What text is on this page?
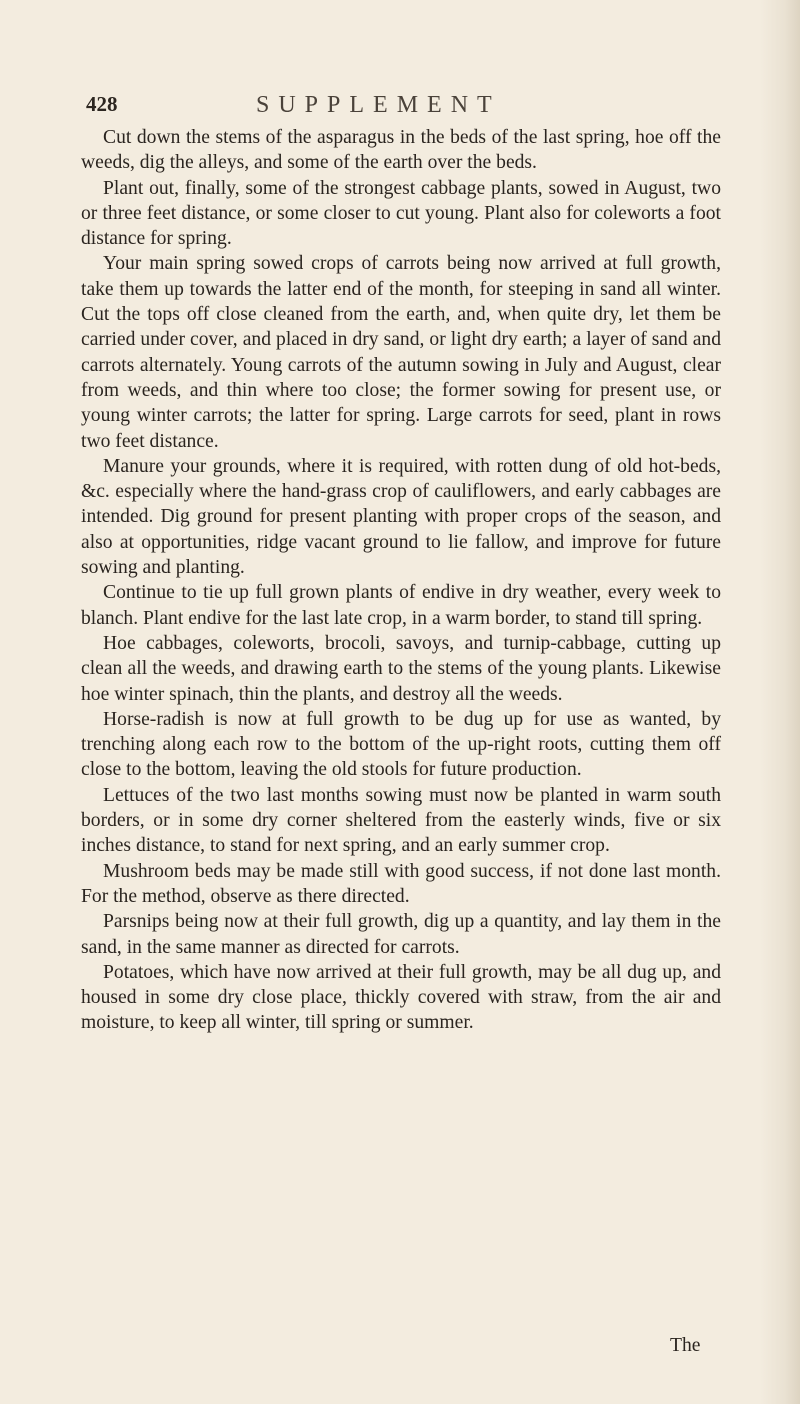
428	SUPPLEMENT

Cut down the stems of the asparagus in the beds of the last spring, hoe off the weeds, dig the alleys, and some of the earth over the beds.

Plant out, finally, some of the strongest cabbage plants, sowed in August, two or three feet distance, or some closer to cut young. Plant also for coleworts a foot distance for spring.

Your main spring sowed crops of carrots being now arrived at full growth, take them up towards the latter end of the month, for steeping in sand all winter. Cut the tops off close cleaned from the earth, and, when quite dry, let them be carried under cover, and placed in dry sand, or light dry earth; a layer of sand and carrots alternately. Young carrots of the autumn sowing in July and August, clear from weeds, and thin where too close; the former sowing for present use, or young winter carrots; the latter for spring. Large carrots for seed, plant in rows two feet distance.

Manure your grounds, where it is required, with rotten dung of old hot-beds, &c. especially where the hand-grass crop of cauliflowers, and early cabbages are intended. Dig ground for present planting with proper crops of the season, and also at opportunities, ridge vacant ground to lie fallow, and improve for future sowing and planting.

Continue to tie up full grown plants of endive in dry weather, every week to blanch. Plant endive for the last late crop, in a warm border, to stand till spring.

Hoe cabbages, coleworts, brocoli, savoys, and turnip-cabbage, cutting up clean all the weeds, and drawing earth to the stems of the young plants. Likewise hoe winter spinach, thin the plants, and destroy all the weeds.

Horse-radish is now at full growth to be dug up for use as wanted, by trenching along each row to the bottom of the up-right roots, cutting them off close to the bottom, leaving the old stools for future production.

Lettuces of the two last months sowing must now be planted in warm south borders, or in some dry corner sheltered from the easterly winds, five or six inches distance, to stand for next spring, and an early summer crop.

Mushroom beds may be made still with good success, if not done last month. For the method, observe as there directed.

Parsnips being now at their full growth, dig up a quantity, and lay them in the sand, in the same manner as directed for carrots.

Potatoes, which have now arrived at their full growth, may be all dug up, and housed in some dry close place, thickly covered with straw, from the air and moisture, to keep all winter, till spring or summer.

The
